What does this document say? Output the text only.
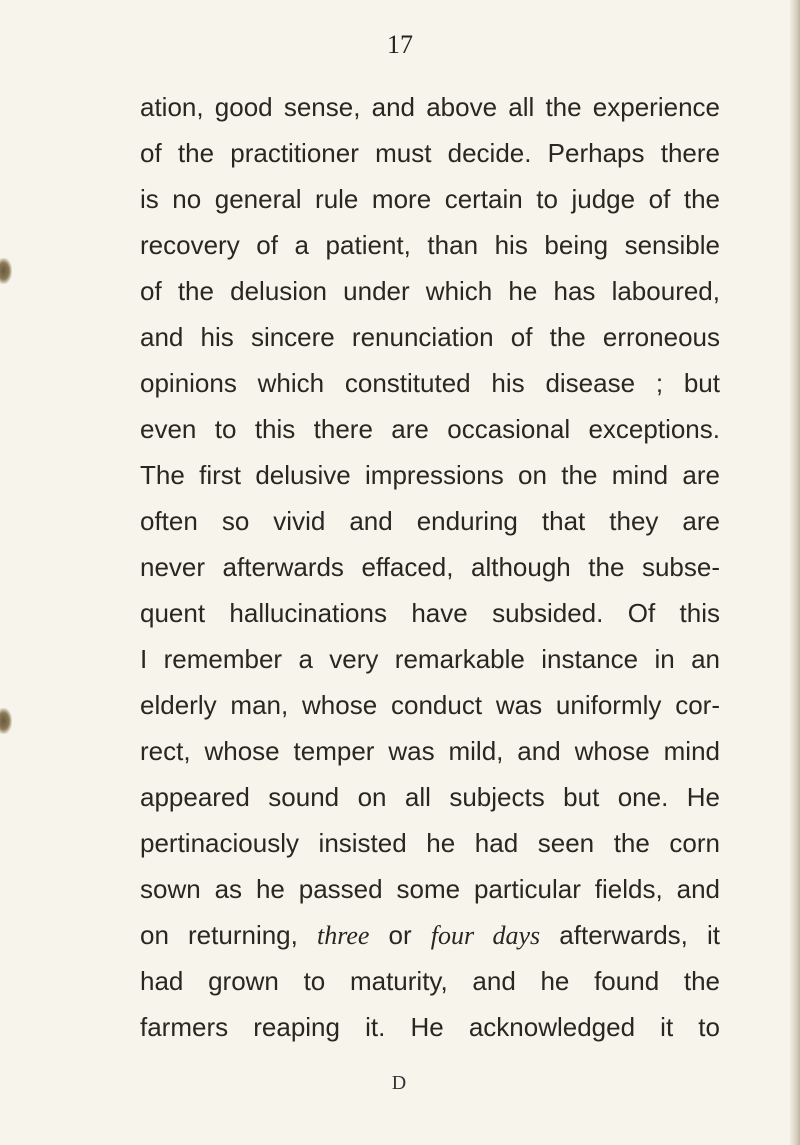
17
ation, good sense, and above all the experience
of the practitioner must decide. Perhaps there
is no general rule more certain to judge of the
recovery of a patient, than his being sensible
of the delusion under which he has laboured,
and his sincere renunciation of the erroneous
opinions which constituted his disease ; but
even to this there are occasional exceptions.
The first delusive impressions on the mind are
often so vivid and enduring that they are
never afterwards effaced, although the subse-
quent hallucinations have subsided. Of this
I remember a very remarkable instance in an
elderly man, whose conduct was uniformly cor-
rect, whose temper was mild, and whose mind
appeared sound on all subjects but one. He
pertinaciously insisted he had seen the corn
sown as he passed some particular fields, and
on returning, three or four days afterwards, it
had grown to maturity, and he found the
farmers reaping it. He acknowledged it to
D
